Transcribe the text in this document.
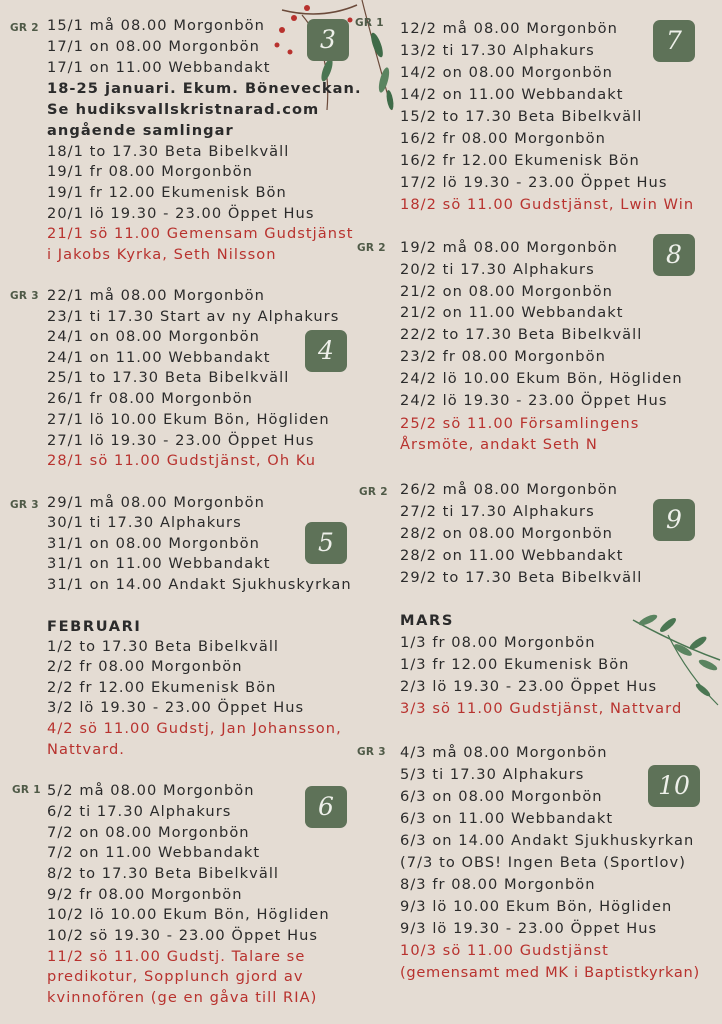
3
4
5
6
7
8
9
10
GR 2
GR 3
GR 3
GR 1
GR 1
GR 2
GR 2
GR 3
15/1 må 08.00 Morgonbön
17/1 on 08.00 Morgonbön
17/1 on 11.00 Webbandakt
18-25 januari. Ekum. Böneveckan.
Se hudiksvallskristnarad.com
angående samlingar
18/1 to 17.30 Beta Bibelkväll
19/1 fr 08.00 Morgonbön
19/1 fr 12.00 Ekumenisk Bön
20/1 lö 19.30 - 23.00 Öppet Hus
21/1 sö 11.00 Gemensam Gudstjänst
i Jakobs Kyrka, Seth Nilsson
22/1 må 08.00 Morgonbön
23/1 ti 17.30 Start av ny Alphakurs
24/1 on 08.00 Morgonbön
24/1 on 11.00 Webbandakt
25/1 to 17.30 Beta Bibelkväll
26/1 fr 08.00 Morgonbön
27/1 lö 10.00 Ekum Bön, Högliden
27/1 lö 19.30 - 23.00 Öppet Hus
28/1 sö 11.00 Gudstjänst, Oh Ku
29/1 må 08.00 Morgonbön
30/1 ti 17.30 Alphakurs
31/1 on 08.00 Morgonbön
31/1 on 11.00 Webbandakt
31/1 on 14.00 Andakt Sjukhuskyrkan
FEBRUARI
1/2 to 17.30 Beta Bibelkväll
2/2 fr 08.00 Morgonbön
2/2 fr 12.00 Ekumenisk Bön
3/2 lö 19.30 - 23.00 Öppet Hus
4/2 sö 11.00 Gudstj, Jan Johansson,
Nattvard.
5/2 må 08.00 Morgonbön
6/2 ti 17.30 Alphakurs
7/2 on 08.00 Morgonbön
7/2 on 11.00 Webbandakt
8/2 to 17.30 Beta Bibelkväll
9/2 fr 08.00 Morgonbön
10/2 lö 10.00 Ekum Bön, Högliden
10/2 sö 19.30 - 23.00 Öppet Hus
11/2 sö 11.00 Gudstj. Talare se
predikotur, Sopplunch gjord av
kvinnofören (ge en gåva till RIA)
12/2 må 08.00 Morgonbön
13/2 ti 17.30 Alphakurs
14/2 on 08.00 Morgonbön
14/2 on 11.00 Webbandakt
15/2 to 17.30 Beta Bibelkväll
16/2 fr 08.00 Morgonbön
16/2 fr 12.00 Ekumenisk Bön
17/2 lö 19.30 - 23.00 Öppet Hus
18/2 sö 11.00 Gudstjänst, Lwin Win
19/2 må 08.00 Morgonbön
20/2 ti 17.30 Alphakurs
21/2 on 08.00 Morgonbön
21/2 on 11.00 Webbandakt
22/2 to 17.30 Beta Bibelkväll
23/2 fr 08.00 Morgonbön
24/2 lö 10.00 Ekum Bön, Högliden
24/2 lö 19.30 - 23.00 Öppet Hus
25/2 sö 11.00 Församlingens
Årsmöte, andakt Seth N
26/2 må 08.00 Morgonbön
27/2 ti 17.30 Alphakurs
28/2 on 08.00 Morgonbön
28/2 on 11.00 Webbandakt
29/2 to 17.30 Beta Bibelkväll
MARS
1/3 fr 08.00 Morgonbön
1/3 fr 12.00 Ekumenisk Bön
2/3 lö 19.30 - 23.00 Öppet Hus
3/3 sö 11.00 Gudstjänst, Nattvard
4/3 må 08.00 Morgonbön
5/3 ti 17.30 Alphakurs
6/3 on 08.00 Morgonbön
6/3 on 11.00 Webbandakt
6/3 on 14.00 Andakt Sjukhuskyrkan
(7/3 to OBS! Ingen Beta (Sportlov)
8/3 fr 08.00 Morgonbön
9/3 lö 10.00 Ekum Bön, Högliden
9/3 lö 19.30 - 23.00 Öppet Hus
10/3 sö 11.00 Gudstjänst
(gemensamt med MK i Baptistkyrkan)
